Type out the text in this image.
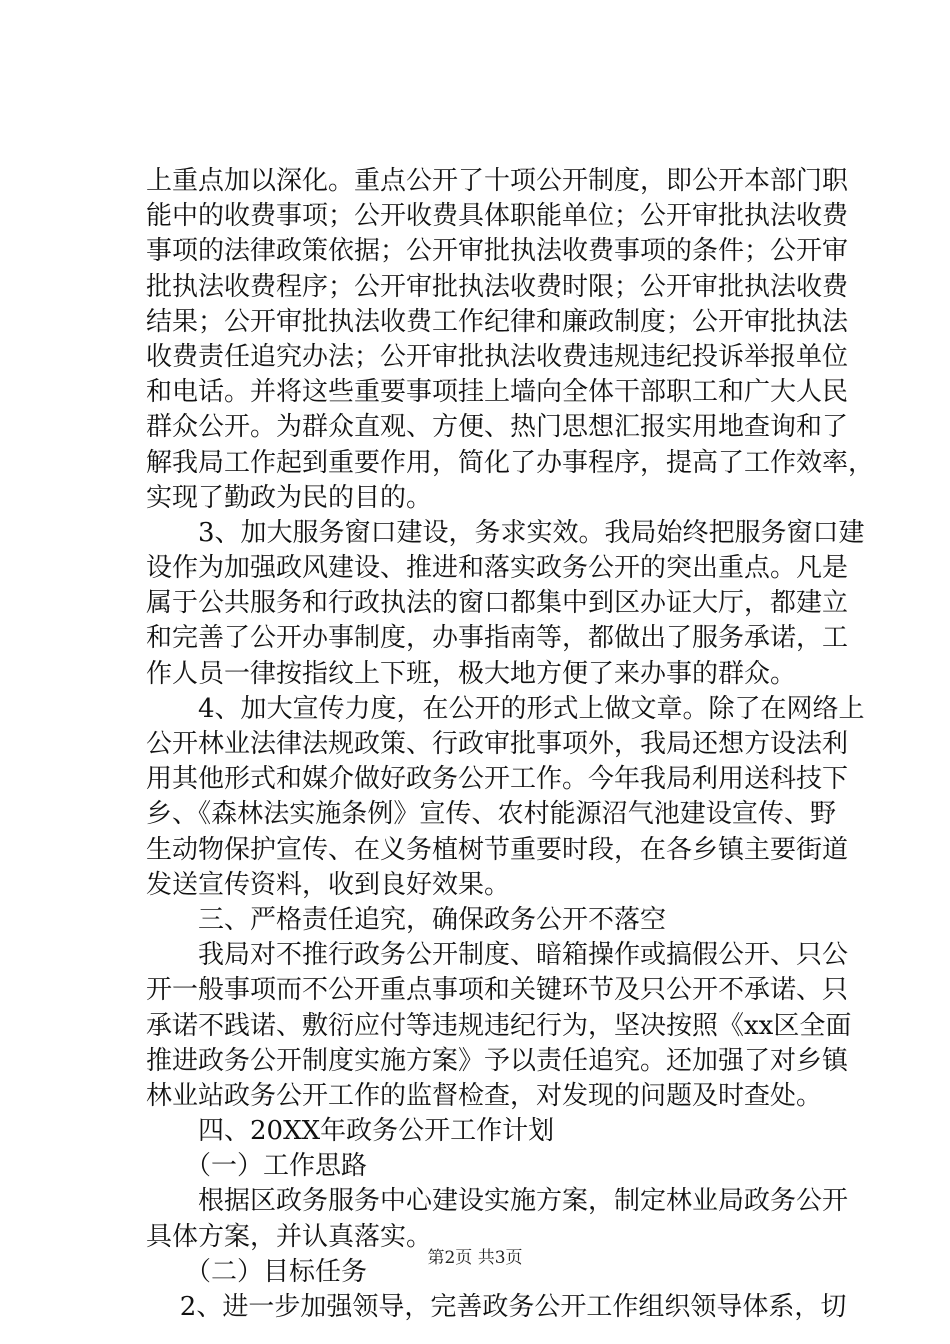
上重点加以深化。重点公开了十项公开制度，即公开本部门职
能中的收费事项；公开收费具体职能单位；公开审批执法收费
事项的法律政策依据；公开审批执法收费事项的条件；公开审
批执法收费程序；公开审批执法收费时限；公开审批执法收费
结果；公开审批执法收费工作纪律和廉政制度；公开审批执法
收费责任追究办法；公开审批执法收费违规违纪投诉举报单位
和电话。并将这些重要事项挂上墙向全体干部职工和广大人民
群众公开。为群众直观、方便、热门思想汇报实用地查询和了
解我局工作起到重要作用，简化了办事程序，提高了工作效率，
实现了勤政为民的目的。
3、加大服务窗口建设，务求实效。我局始终把服务窗口建
设作为加强政风建设、推进和落实政务公开的突出重点。凡是
属于公共服务和行政执法的窗口都集中到区办证大厅，都建立
和完善了公开办事制度，办事指南等，都做出了服务承诺，工
作人员一律按指纹上下班，极大地方便了来办事的群众。
4、加大宣传力度，在公开的形式上做文章。除了在网络上
公开林业法律法规政策、行政审批事项外，我局还想方设法利
用其他形式和媒介做好政务公开工作。今年我局利用送科技下
乡、《森林法实施条例》宣传、农村能源沼气池建设宣传、野
生动物保护宣传、在义务植树节重要时段，在各乡镇主要街道
发送宣传资料，收到良好效果。
三、严格责任追究，确保政务公开不落空
我局对不推行政务公开制度、暗箱操作或搞假公开、只公
开一般事项而不公开重点事项和关键环节及只公开不承诺、只
承诺不践诺、敷衍应付等违规违纪行为，坚决按照《xx区全面
推进政务公开制度实施方案》予以责任追究。还加强了对乡镇
林业站政务公开工作的监督检查，对发现的问题及时查处。
四、20XX年政务公开工作计划
（一）工作思路
根据区政务服务中心建设实施方案，制定林业局政务公开
具体方案，并认真落实。
（二）目标任务
2、进一步加强领导，完善政务公开工作组织领导体系，切
第2页 共3页
